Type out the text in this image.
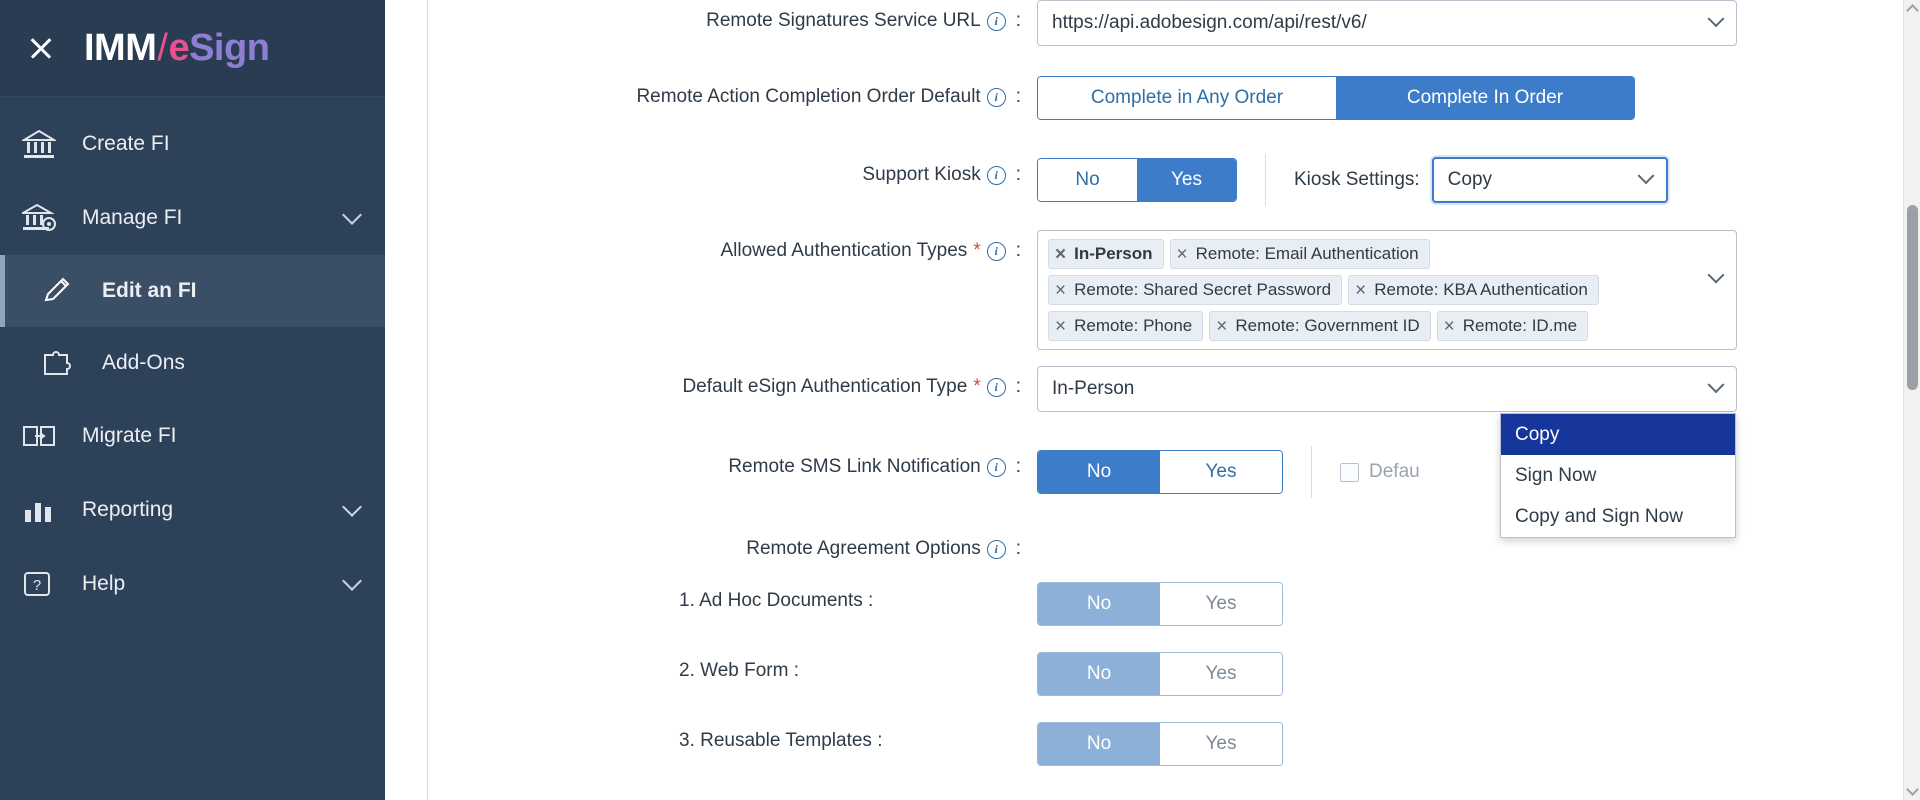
IMM / e Sign
Create FI
Manage FI
Edit an FI
Add-Ons
Migrate FI
Reporting
?	Help
Remote Signatures Service URL	i : https://api.adobesign.com/api/rest/v6/
Remote Action Completion Order Default	i :	Complete in Any Order	Complete In Order
Support Kiosk	i :	No	Yes	Kiosk Settings: Copy
Allowed Authentication Types *	i : × In-Person × Remote: Email Authentication
× Remote: Shared Secret Password × Remote: KBA Authentication
× Remote: Phone × Remote: Government ID × Remote: ID.me
Default eSign Authentication Type *	i : In-Person
Remote SMS Link Notification	i :	No	Yes	Defau
Remote Agreement Options	i :
1. Ad Hoc Documents :	No	Yes
2. Web Form :	No	Yes
3. Reusable Templates :	No	Yes
Copy
Sign Now
Copy and Sign Now
